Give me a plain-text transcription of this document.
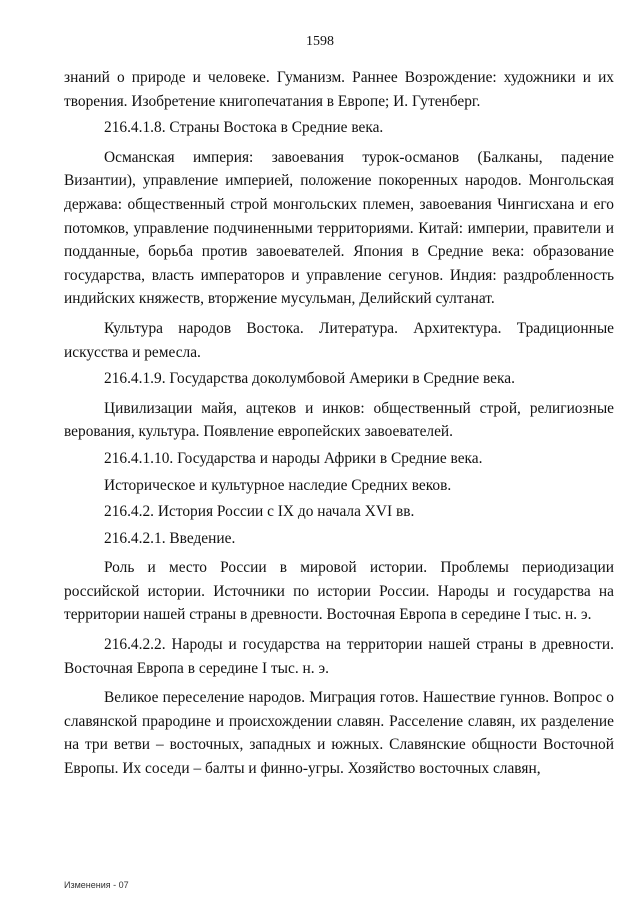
1598

знаний о природе и человеке. Гуманизм. Раннее Возрождение: художники и их творения. Изобретение книгопечатания в Европе; И. Гутенберг.

216.4.1.8. Страны Востока в Средние века.

Османская империя: завоевания турок-османов (Балканы, падение Византии), управление империей, положение покоренных народов. Монгольская держава: общественный строй монгольских племен, завоевания Чингисхана и его потомков, управление подчиненными территориями. Китай: империи, правители и подданные, борьба против завоевателей. Япония в Средние века: образование государства, власть императоров и управление сегунов. Индия: раздробленность индийских княжеств, вторжение мусульман, Делийский султанат.

Культура народов Востока. Литература. Архитектура. Традиционные искусства и ремесла.

216.4.1.9. Государства доколумбовой Америки в Средние века.

Цивилизации майя, ацтеков и инков: общественный строй, религиозные верования, культура. Появление европейских завоевателей.

216.4.1.10. Государства и народы Африки в Средние века.

Историческое и культурное наследие Средних веков.

216.4.2. История России с IX до начала XVI вв.

216.4.2.1. Введение.

Роль и место России в мировой истории. Проблемы периодизации российской истории. Источники по истории России. Народы и государства на территории нашей страны в древности. Восточная Европа в середине I тыс. н. э.

216.4.2.2. Народы и государства на территории нашей страны в древности. Восточная Европа в середине I тыс. н. э.

Великое переселение народов. Миграция готов. Нашествие гуннов. Вопрос о славянской прародине и происхождении славян. Расселение славян, их разделение на три ветви – восточных, западных и южных. Славянские общности Восточной Европы. Их соседи – балты и финно-угры. Хозяйство восточных славян,

Изменения - 07
